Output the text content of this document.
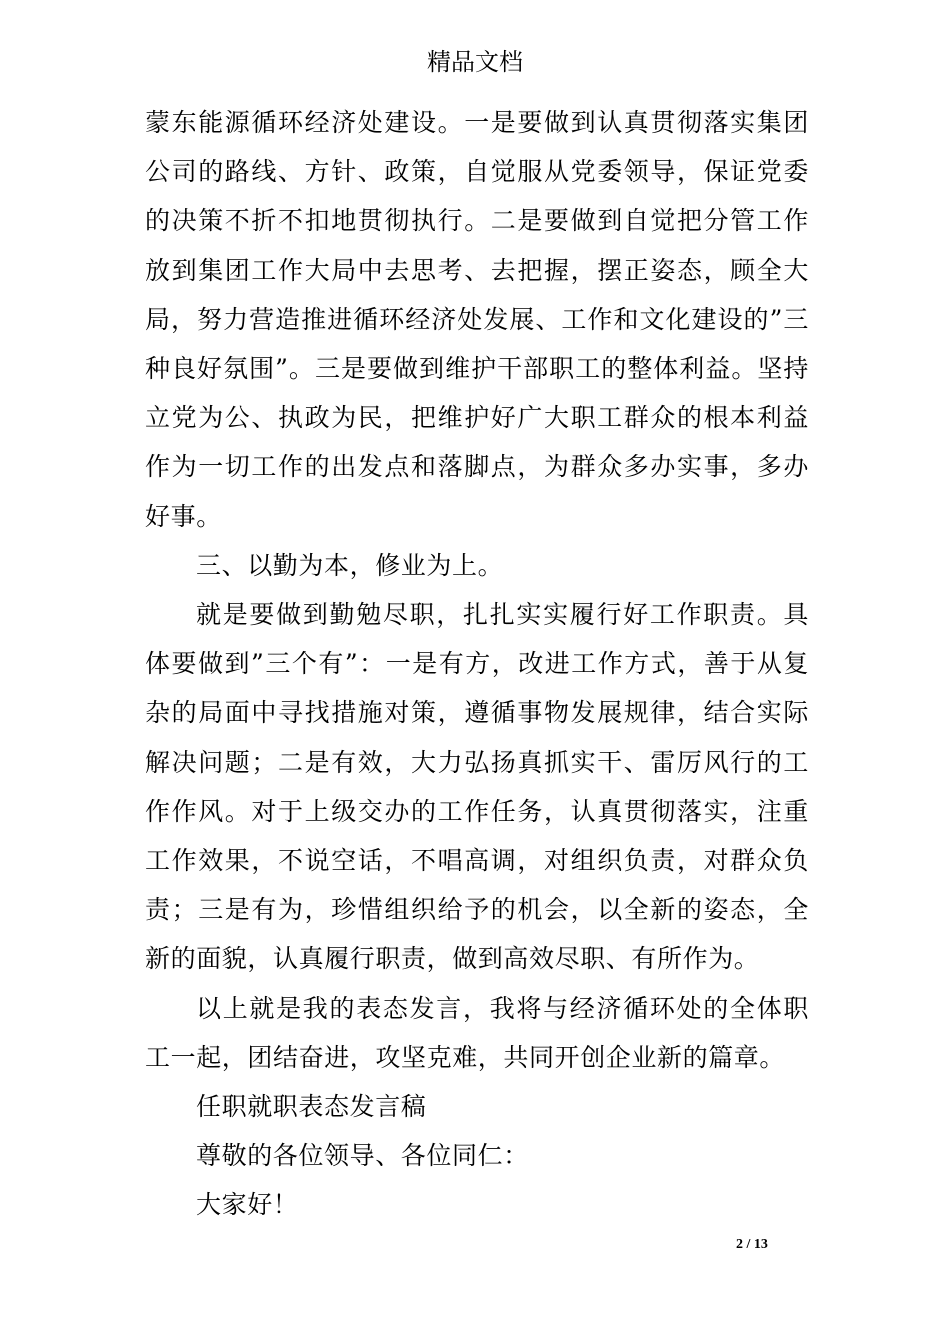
精品文档

蒙东能源循环经济处建设。一是要做到认真贯彻落实集团公司的路线、方针、政策，自觉服从党委领导，保证党委的决策不折不扣地贯彻执行。二是要做到自觉把分管工作放到集团工作大局中去思考、去把握，摆正姿态，顾全大局，努力营造推进循环经济处发展、工作和文化建设的”三种良好氛围”。三是要做到维护干部职工的整体利益。坚持立党为公、执政为民，把维护好广大职工群众的根本利益作为一切工作的出发点和落脚点，为群众多办实事，多办好事。

三、以勤为本，修业为上。

就是要做到勤勉尽职，扎扎实实履行好工作职责。具体要做到”三个有”：一是有方，改进工作方式，善于从复杂的局面中寻找措施对策，遵循事物发展规律，结合实际解决问题；二是有效，大力弘扬真抓实干、雷厉风行的工作作风。对于上级交办的工作任务，认真贯彻落实，注重工作效果，不说空话，不唱高调，对组织负责，对群众负责；三是有为，珍惜组织给予的机会，以全新的姿态，全新的面貌，认真履行职责，做到高效尽职、有所作为。

以上就是我的表态发言，我将与经济循环处的全体职工一起，团结奋进，攻坚克难，共同开创企业新的篇章。

任职就职表态发言稿

尊敬的各位领导、各位同仁：

大家好！

2 / 13
